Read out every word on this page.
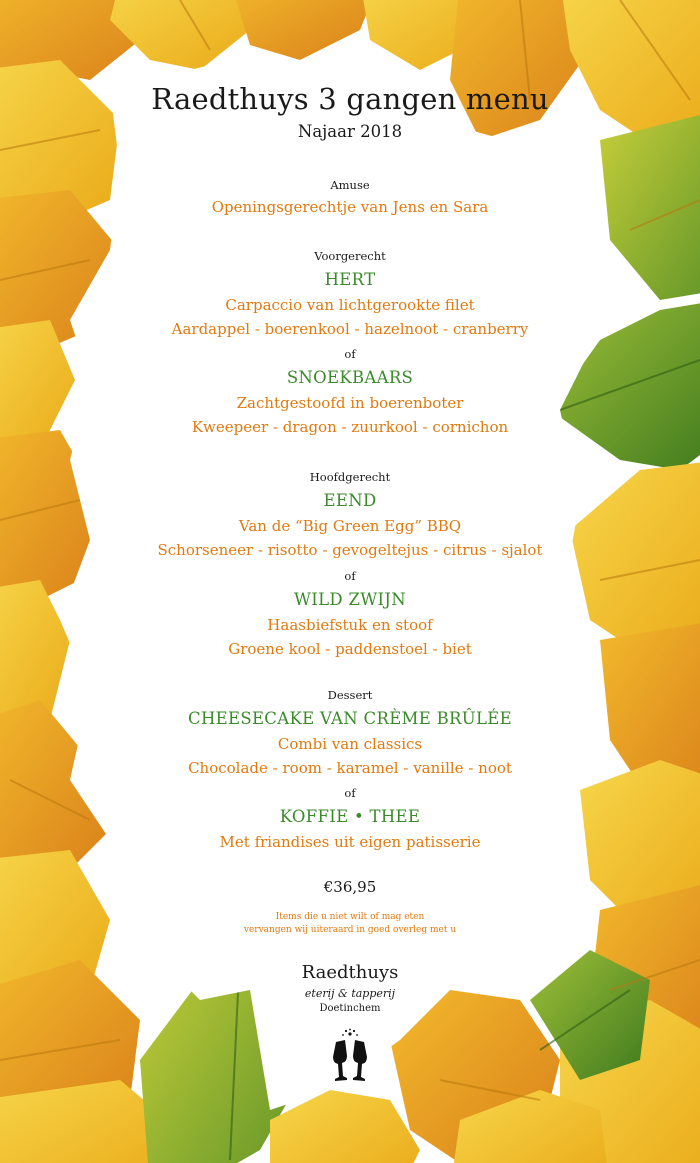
Raedthuys 3 gangen menu
Najaar 2018
Amuse
Openingsgerechtje van Jens en Sara
Voorgerecht
HERT
Carpaccio van lichtgerookte filet
Aardappel - boerenkool - hazelnoot - cranberry
of
SNOEKBAARS
Zachtgestoofd in boerenboter
Kweepeer - dragon - zuurkool - cornichon
Hoofdgerecht
EEND
Van de “Big Green Egg” BBQ
Schorseneer - risotto - gevogeltejus - citrus - sjalot
of
WILD ZWIJN
Haasbiefstuk en stoof
Groene kool - paddenstoel - biet
Dessert
CHEESECAKE VAN CRÈME BRÛLÉE
Combi van classics
Chocolade - room - karamel - vanille - noot
of
KOFFIE • THEE
Met friandises uit eigen patisserie
€36,95
Items die u niet wilt of mag eten
vervangen wij uiteraard in goed overleg met u
Raedthuys
eterij & tapperij
Doetinchem
